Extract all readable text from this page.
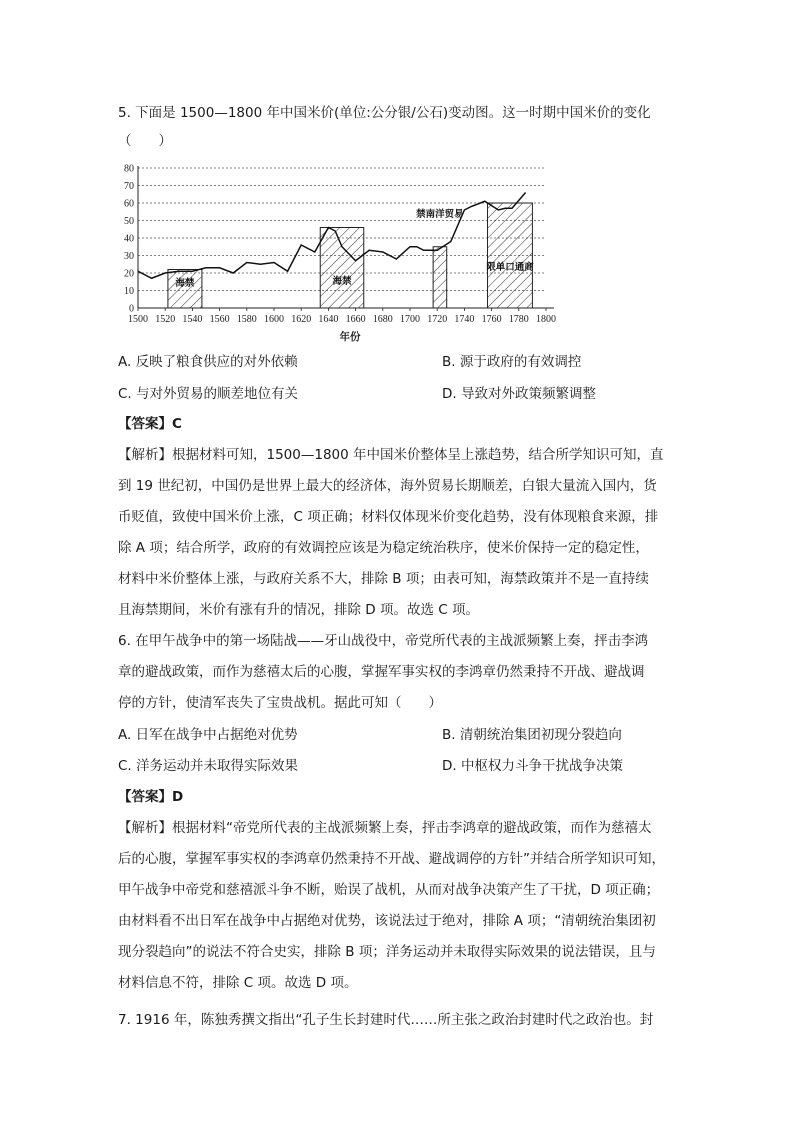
5. 下面是 1500—1800 年中国米价(单位:公分银/公石)变动图。这一时期中国米价的变化
（　　）
0
10
20
30
40
50
60
70
80
1500 1520 1540 1560 1580 1600 1620 1640 1660 1680 1700 1720 1740 1760 1780 1800
年份
海禁	海禁
禁南洋贸易
限单口通商
A. 反映了粮食供应的对外依赖	B. 源于政府的有效调控
C. 与对外贸易的顺差地位有关	D. 导致对外政策频繁调整
【答案】C
【解析】根据材料可知，1500—1800 年中国米价整体呈上涨趋势，结合所学知识可知，直
到 19 世纪初，中国仍是世界上最大的经济体，海外贸易长期顺差，白银大量流入国内，货
币贬值，致使中国米价上涨，C 项正确；材料仅体现米价变化趋势，没有体现粮食来源，排
除 A 项；结合所学，政府的有效调控应该是为稳定统治秩序，使米价保持一定的稳定性，
材料中米价整体上涨，与政府关系不大，排除 B 项；由表可知，海禁政策并不是一直持续
且海禁期间，米价有涨有升的情况，排除 D 项。故选 C 项。
6. 在甲午战争中的第一场陆战——牙山战役中，帝党所代表的主战派频繁上奏，抨击李鸿
章的避战政策，而作为慈禧太后的心腹，掌握军事实权的李鸿章仍然秉持不开战、避战调
停的方针，使清军丧失了宝贵战机。据此可知（　　）
A. 日军在战争中占据绝对优势	B. 清朝统治集团初现分裂趋向
C. 洋务运动并未取得实际效果	D. 中枢权力斗争干扰战争决策
【答案】D
【解析】根据材料“帝党所代表的主战派频繁上奏，抨击李鸿章的避战政策，而作为慈禧太
后的心腹，掌握军事实权的李鸿章仍然秉持不开战、避战调停的方针”并结合所学知识可知，
甲午战争中帝党和慈禧派斗争不断，贻误了战机，从而对战争决策产生了干扰，D 项正确；
由材料看不出日军在战争中占据绝对优势，该说法过于绝对，排除 A 项；“清朝统治集团初
现分裂趋向”的说法不符合史实，排除 B 项；洋务运动并未取得实际效果的说法错误，且与
材料信息不符，排除 C 项。故选 D 项。
7. 1916 年，陈独秀撰文指出“孔子生长封建时代……所主张之政治封建时代之政治也。封
